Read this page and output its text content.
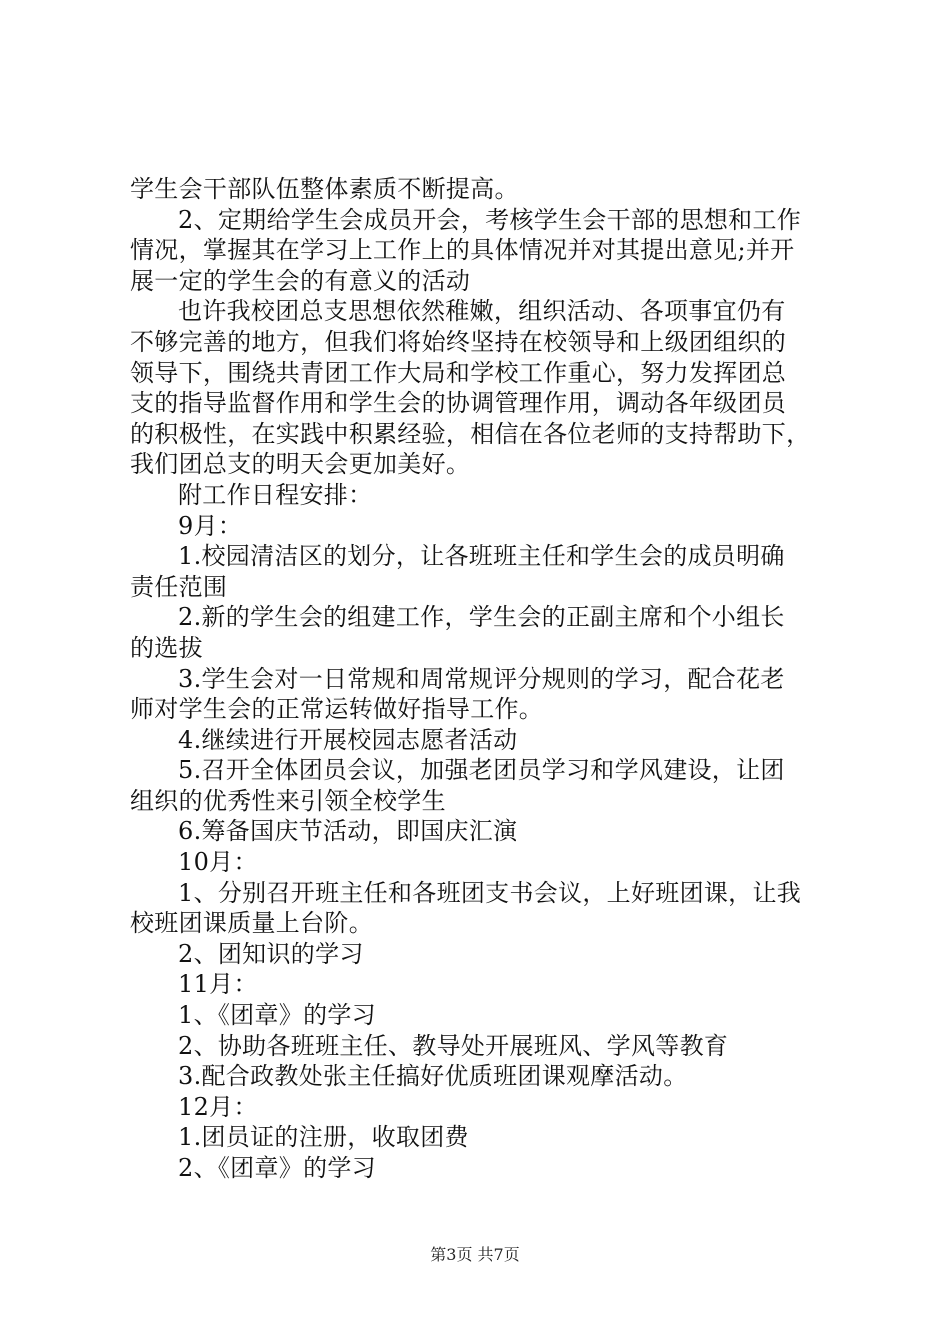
学生会干部队伍整体素质不断提高。
2、定期给学生会成员开会，考核学生会干部的思想和工作
情况，掌握其在学习上工作上的具体情况并对其提出意见;并开
展一定的学生会的有意义的活动
也许我校团总支思想依然稚嫩，组织活动、各项事宜仍有
不够完善的地方，但我们将始终坚持在校领导和上级团组织的
领导下，围绕共青团工作大局和学校工作重心，努力发挥团总
支的指导监督作用和学生会的协调管理作用，调动各年级团员
的积极性，在实践中积累经验，相信在各位老师的支持帮助下，
我们团总支的明天会更加美好。
附工作日程安排：
9月：
1.校园清洁区的划分，让各班班主任和学生会的成员明确
责任范围
2.新的学生会的组建工作，学生会的正副主席和个小组长
的选拔
3.学生会对一日常规和周常规评分规则的学习，配合花老
师对学生会的正常运转做好指导工作。
4.继续进行开展校园志愿者活动
5.召开全体团员会议，加强老团员学习和学风建设，让团
组织的优秀性来引领全校学生
6.筹备国庆节活动，即国庆汇演
10月：
1、分别召开班主任和各班团支书会议，上好班团课，让我
校班团课质量上台阶。
2、团知识的学习
11月：
1、《团章》的学习
2、协助各班班主任、教导处开展班风、学风等教育
3.配合政教处张主任搞好优质班团课观摩活动。
12月：
1.团员证的注册，收取团费
2、《团章》的学习
第3页 共7页
